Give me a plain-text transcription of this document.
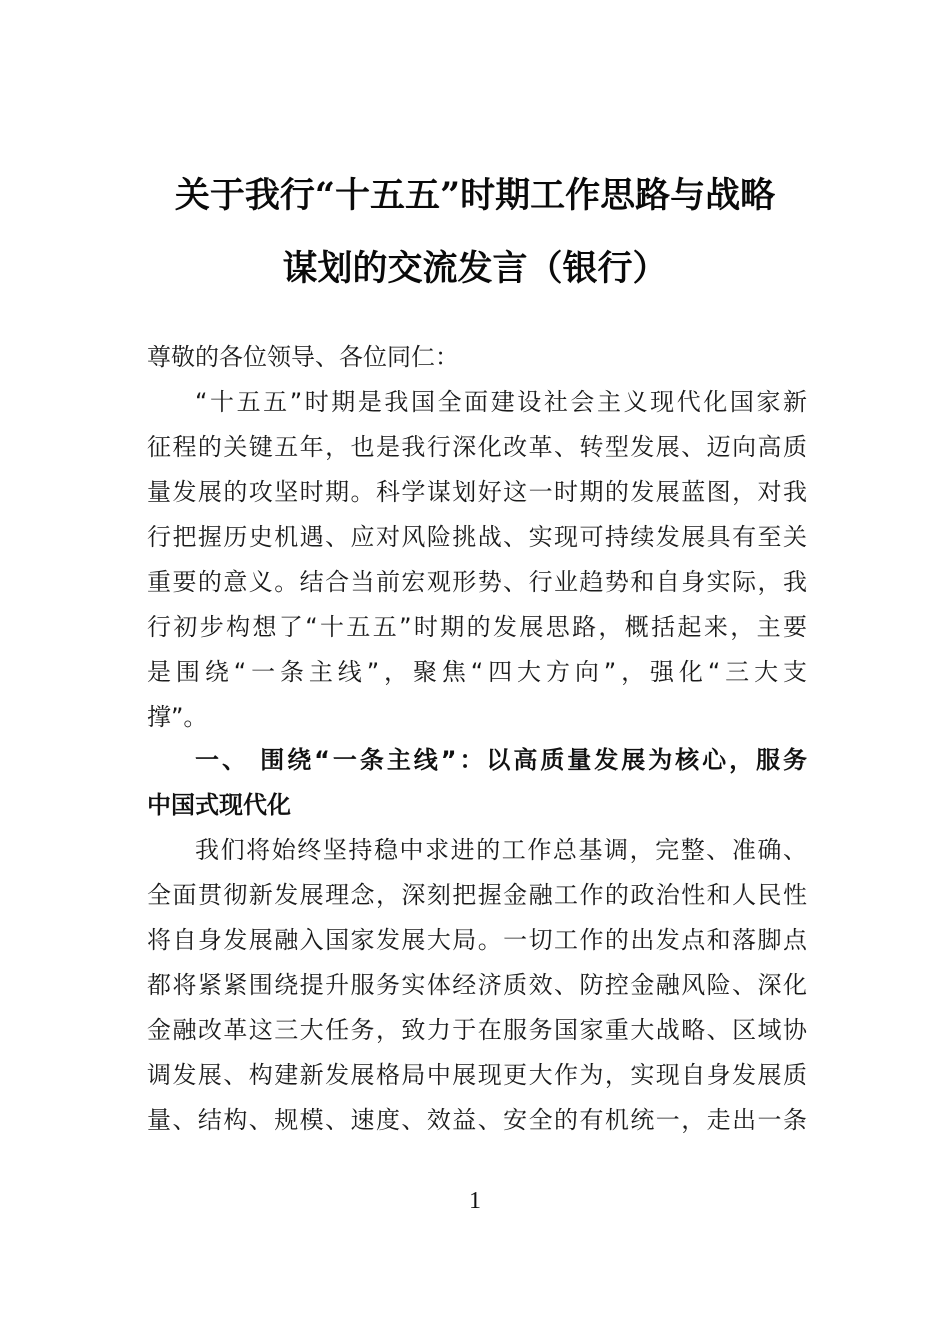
关于我行“十五五”时期工作思路与战略
谋划的交流发言（银行）
尊敬的各位领导、各位同仁：
“十五五”时期是我国全面建设社会主义现代化国家新
征程的关键五年，也是我行深化改革、转型发展、迈向高质
量发展的攻坚时期。科学谋划好这一时期的发展蓝图，对我
行把握历史机遇、应对风险挑战、实现可持续发展具有至关
重要的意义。结合当前宏观形势、行业趋势和自身实际，我
行初步构想了“十五五”时期的发展思路，概括起来，主要
是围绕“一条主线”，聚焦“四大方向”，强化“三大支
撑”。
一、 围绕“一条主线”：以高质量发展为核心，服务
中国式现代化
我们将始终坚持稳中求进的工作总基调，完整、准确、
全面贯彻新发展理念，深刻把握金融工作的政治性和人民性
将自身发展融入国家发展大局。一切工作的出发点和落脚点
都将紧紧围绕提升服务实体经济质效、防控金融风险、深化
金融改革这三大任务，致力于在服务国家重大战略、区域协
调发展、构建新发展格局中展现更大作为，实现自身发展质
量、结构、规模、速度、效益、安全的有机统一，走出一条
1
